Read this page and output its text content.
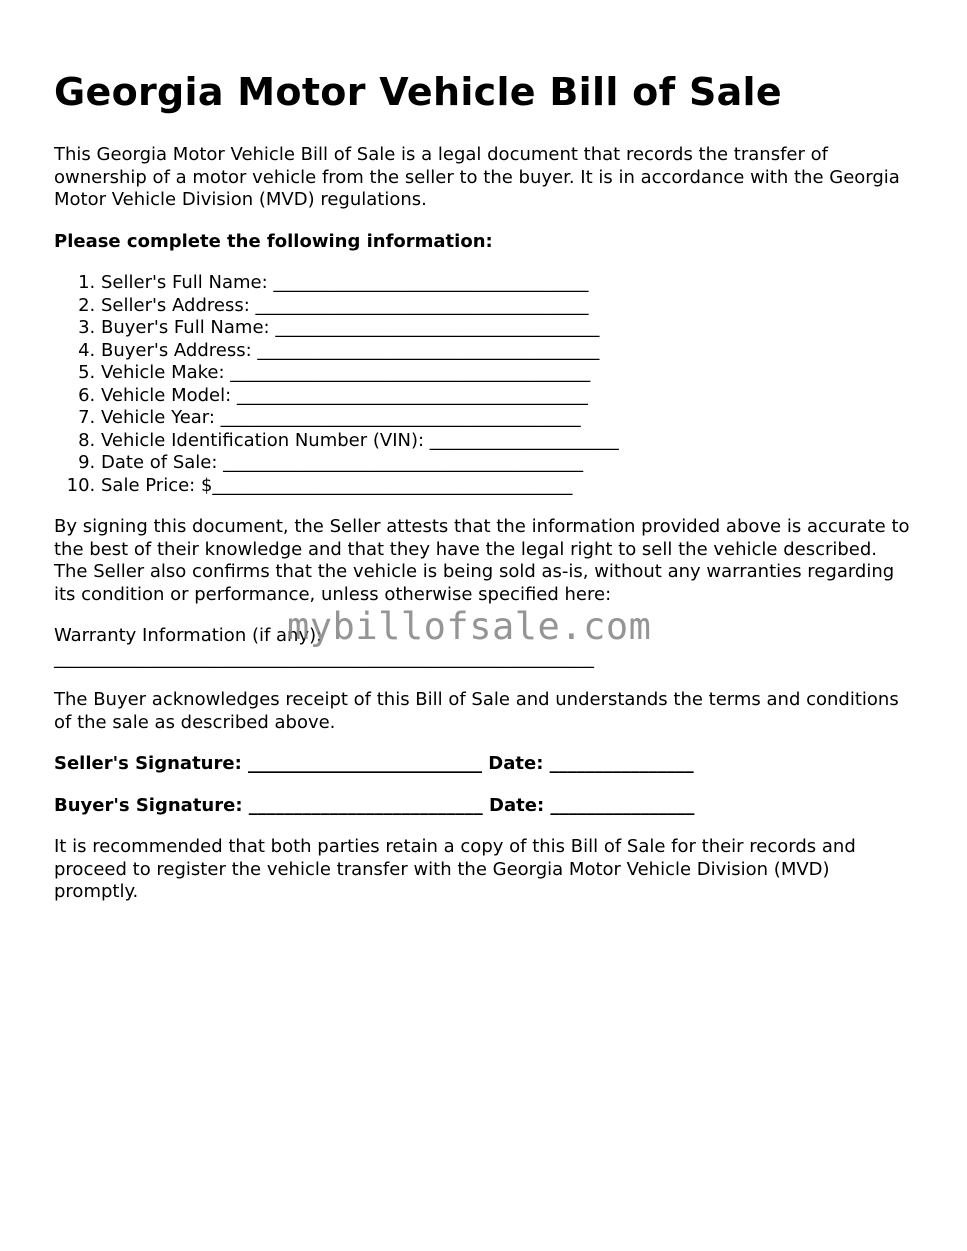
Georgia Motor Vehicle Bill of Sale

This Georgia Motor Vehicle Bill of Sale is a legal document that records the transfer of ownership of a motor vehicle from the seller to the buyer. It is in accordance with the Georgia Motor Vehicle Division (MVD) regulations.

Please complete the following information:

1. Seller's Full Name: ___________________________________
2. Seller's Address: _____________________________________
3. Buyer's Full Name: ____________________________________
4. Buyer's Address: ______________________________________
5. Vehicle Make: ________________________________________
6. Vehicle Model: _______________________________________
7. Vehicle Year: ________________________________________
8. Vehicle Identification Number (VIN): _____________________
9. Date of Sale: ________________________________________
10. Sale Price: $________________________________________

By signing this document, the Seller attests that the information provided above is accurate to the best of their knowledge and that they have the legal right to sell the vehicle described. The Seller also confirms that the vehicle is being sold as-is, without any warranties regarding its condition or performance, unless otherwise specified here:

Warranty Information (if any):
____________________________________________________________

The Buyer acknowledges receipt of this Bill of Sale and understands the terms and conditions of the sale as described above.

Seller's Signature: __________________________ Date: ________________

Buyer's Signature: __________________________ Date: ________________

It is recommended that both parties retain a copy of this Bill of Sale for their records and proceed to register the vehicle transfer with the Georgia Motor Vehicle Division (MVD) promptly.

mybillofsale.com
